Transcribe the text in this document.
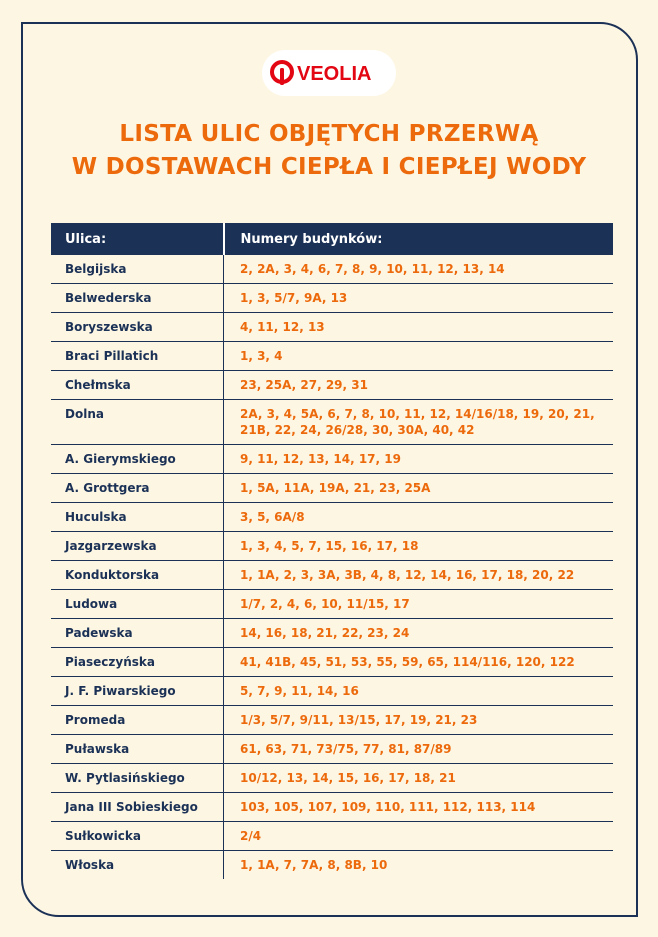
VEOLIA
LISTA ULIC OBJĘTYCH PRZERWĄ
W DOSTAWACH CIEPŁA I CIEPŁEJ WODY
Ulica:	Numery budynków:
Belgijska	2, 2A, 3, 4, 6, 7, 8, 9, 10, 11, 12, 13, 14
Belwederska	1, 3, 5/7, 9A, 13
Boryszewska	4, 11, 12, 13
Braci Pillatich	1, 3, 4
Chełmska	23, 25A, 27, 29, 31
Dolna	2A, 3, 4, 5A, 6, 7, 8, 10, 11, 12, 14/16/18, 19, 20, 21, 21B, 22, 24, 26/28, 30, 30A, 40, 42
A. Gierymskiego	9, 11, 12, 13, 14, 17, 19
A. Grottgera	1, 5A, 11A, 19A, 21, 23, 25A
Huculska	3, 5, 6A/8
Jazgarzewska	1, 3, 4, 5, 7, 15, 16, 17, 18
Konduktorska	1, 1A, 2, 3, 3A, 3B, 4, 8, 12, 14, 16, 17, 18, 20, 22
Ludowa	1/7, 2, 4, 6, 10, 11/15, 17
Padewska	14, 16, 18, 21, 22, 23, 24
Piaseczyńska	41, 41B, 45, 51, 53, 55, 59, 65, 114/116, 120, 122
J. F. Piwarskiego	5, 7, 9, 11, 14, 16
Promeda	1/3, 5/7, 9/11, 13/15, 17, 19, 21, 23
Puławska	61, 63, 71, 73/75, 77, 81, 87/89
W. Pytlasińskiego	10/12, 13, 14, 15, 16, 17, 18, 21
Jana III Sobieskiego	103, 105, 107, 109, 110, 111, 112, 113, 114
Sułkowicka	2/4
Włoska	1, 1A, 7, 7A, 8, 8B, 10
